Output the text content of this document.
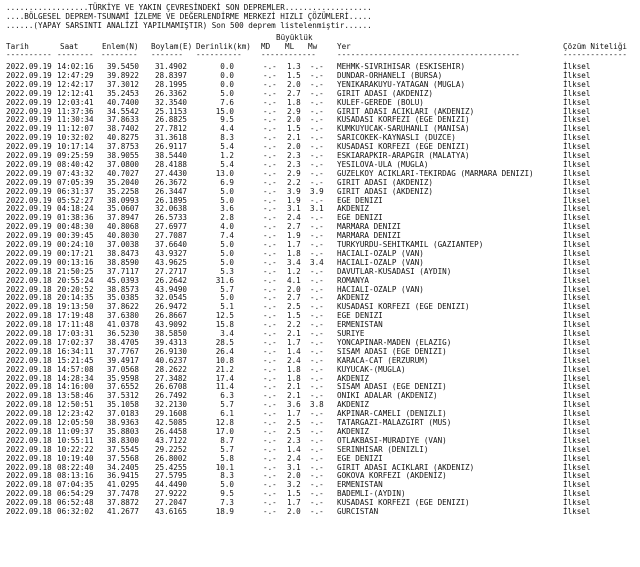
..................TÜRKİYE VE YAKIN ÇEVRESİNDEKİ SON DEPREMLER...................
....BÖLGESEL DEPREM-TSUNAMİ İZLEME VE DEĞERLENDİRME MERKEZİ HIZLI ÇÖZÜMLERİ.....
......(YAPAY SARSINTI ANALİZİ YAPILMAMIŞTIR) Son 500 deprem listelenmiştir......
Büyüklük
Tarih	Saat	Enlem(N) Boylam(E) Derinlik(km) MD ML Mw	Yer	Çözüm Niteliği
---------- -------- -------- ------- ----------	------------	----------------------------------------	--------------
2022.09.19 14:02:16 39.5450 31.4902	0.0	-.- 1.3 -.- MEHMK-SIVRIHISAR (ESKISEHIR)	İlksel
2022.09.19 12:47:29 39.8922 28.8397	0.0	-.- 1.5 -.- DUNDAR-ORHANELI (BURSA)	İlksel
2022.09.19 12:42:17 37.3012 28.1995	0.0	-.- 2.0 -.- YENIKARAKUYU-YATAGAN (MUGLA)	İlksel
2022.09.19 12:12:41 35.2453 26.3362	5.0	-.- 2.7 -.- GIRIT ADASI (AKDENIZ)	İlksel
2022.09.19 12:03:41 40.7400 32.3540	7.6	-.- 1.8 -.- KULEF-GEREDE (BOLU)	İlksel
2022.09.19 11:37:36 34.5542 25.1153	15.0	-.- 2.9 -.- GIRIT ADASI ACIKLARI (AKDENIZ)	İlksel
2022.09.19 11:30:34 37.8633 26.8825	9.5	-.- 2.0 -.- KUSADASI KORFEZI (EGE DENIZI)	İlksel
2022.09.19 11:12:07 38.7402 27.7812	4.4	-.- 1.5 -.- KUMKUYUCAK-SARUHANLI (MANISA)	İlksel
2022.09.19 10:32:02 40.8275 31.3618	8.3	-.- 2.1 -.- SARICOKEK-KAYNASLI (DUZCE)	İlksel
2022.09.19 10:17:14 37.8753 26.9117	5.4	-.- 2.0 -.- KUSADASI KORFEZI (EGE DENIZI)	İlksel
2022.09.19 09:25:59 38.9055 38.5440	1.2	-.- 2.3 -.- ESKIARAPKIR-ARAPGIR (MALATYA)	İlksel
2022.09.19 08:40:42 37.0800 28.4188	5.4	-.- 2.3 -.- YESILOVA-ULA (MUGLA)	İlksel
2022.09.19 07:43:32 40.7027 27.4430	13.0	-.- 2.9 -.- GUZELKOY ACIKLARI-TEKIRDAG (MARMARA DENIZI)	İlksel
2022.09.19 07:05:39 35.2040 26.3672	6.9	-.- 2.2 -.- GIRIT ADASI (AKDENIZ)	İlksel
2022.09.19 06:31:37 35.2258 26.3447	5.0	-.- 3.9 3.9 GIRIT ADASI (AKDENIZ)	İlksel
2022.09.19 05:52:27 38.0993 26.1895	5.0	-.- 1.9 -.- EGE DENIZI	İlksel
2022.09.19 04:18:24 35.0607 32.0638	3.6	-.- 3.1 3.1 AKDENIZ	İlksel
2022.09.19 01:38:36 37.8947 26.5733	2.8	-.- 2.4 -.- EGE DENIZI	İlksel
2022.09.19 00:48:30 40.8068 27.6977	4.0	-.- 2.7 -.- MARMARA DENIZI	İlksel
2022.09.19 00:39:45 40.8030 27.7087	7.4	-.- 1.9 -.- MARMARA DENIZI	İlksel
2022.09.19 00:24:10 37.0038 37.6640	5.0	-.- 1.7 -.- TURKYURDU-SEHITKAMIL (GAZIANTEP)	İlksel
2022.09.19 00:17:21 38.8473 43.9327	5.0	-.- 1.8 -.- HACIALI-OZALP (VAN)	İlksel
2022.09.19 00:13:16 38.8590 43.9625	5.0	-.- 3.4 3.4 HACIALI-OZALP (VAN)	İlksel
2022.09.18 21:50:25 37.7117 27.2717	5.3	-.- 1.2 -.- DAVUTLAR-KUSADASI (AYDIN)	İlksel
2022.09.18 20:55:24 45.0393 26.2642	31.6	-.- 4.1 -.- ROMANYA	İlksel
2022.09.18 20:20:52 38.8573 43.9490	5.7	-.- 2.0 -.- HACIALI-OZALP (VAN)	İlksel
2022.09.18 20:14:35 35.0385 32.0545	5.0	-.- 2.7 -.- AKDENIZ	İlksel
2022.09.18 19:13:50 37.8622 26.9472	5.1	-.- 2.5 -.- KUSADASI KORFEZI (EGE DENIZI)	İlksel
2022.09.18 17:19:48 37.6380 26.8667	12.5	-.- 1.5 -.- EGE DENIZI	İlksel
2022.09.18 17:11:48 41.0378 43.9092	15.8	-.- 2.2 -.- ERMENISTAN	İlksel
2022.09.18 17:03:31 36.5230 38.5850	3.4	-.- 2.1 -.- SURIYE	İlksel
2022.09.18 17:02:37 38.4705 39.4313	28.5	-.- 1.7 -.- YONCAPINAR-MADEN (ELAZIG)	İlksel
2022.09.18 16:34:11 37.7767 26.9130	26.4	-.- 1.4 -.- SISAM ADASI (EGE DENIZI)	İlksel
2022.09.18 15:21:45 39.4917 40.6237	10.8	-.- 2.4 -.- KARACA-CAT (ERZURUM)	İlksel
2022.09.18 14:57:08 37.0568 28.2622	21.2	-.- 1.8 -.- KUYUCAK-(MUGLA)	İlksel
2022.09.18 14:28:34 35.9598 27.3482	17.4	-.- 1.8 -.- AKDENIZ	İlksel
2022.09.18 14:16:00 37.6552 26.6708	11.4	-.- 2.1 -.- SISAM ADASI (EGE DENIZI)	İlksel
2022.09.18 13:58:46 37.5312 26.7492	6.3	-.- 2.1 -.- ONIKI ADALAR (AKDENIZ)	İlksel
2022.09.18 12:50:51 35.1058 32.2130	5.7	-.- 3.6 3.8 AKDENIZ	İlksel
2022.09.18 12:23:42 37.0183 29.1608	6.1	-.- 1.7 -.- AKPINAR-CAMELI (DENIZLI)	İlksel
2022.09.18 12:05:50 38.9363 42.5085	12.8	-.- 2.5 -.- TATARGAZI-MALAZGIRT (MUS)	İlksel
2022.09.18 11:09:37 35.8803 26.4458	17.0	-.- 2.5 -.- AKDENIZ	İlksel
2022.09.18 10:55:11 38.8300 43.7122	8.7	-.- 2.3 -.- OTLAKBASI-MURADIYE (VAN)	İlksel
2022.09.18 10:22:22 37.5545 29.2252	5.7	-.- 1.4 -.- SERINHISAR (DENIZLI)	İlksel
2022.09.18 10:19:40 37.5568 26.8002	5.8	-.- 2.4 -.- EGE DENIZI	İlksel
2022.09.18 08:22:40 34.2405 25.4255	10.1	-.- 3.1 -.- GIRIT ADASI ACIKLARI (AKDENIZ)	İlksel
2022.09.18 08:13:16 36.9415 27.5795	8.3	-.- 2.0 -.- GOKOVA KORFEZI (AKDENIZ)	İlksel
2022.09.18 07:04:35 41.0295 44.4490	5.0	-.- 3.2 -.- ERMENISTAN	İlksel
2022.09.18 06:54:29 37.7478 27.9222	9.5	-.- 1.5 -.- BADEMLI-(AYDIN)	İlksel
2022.09.18 06:52:48 37.8872 27.2047	7.3	-.- 1.7 -.- KUSADASI KORFEZI (EGE DENIZI)	İlksel
2022.09.18 06:32:02 41.2677 43.6165	18.9	-.- 2.0 -.- GURCISTAN	İlksel
